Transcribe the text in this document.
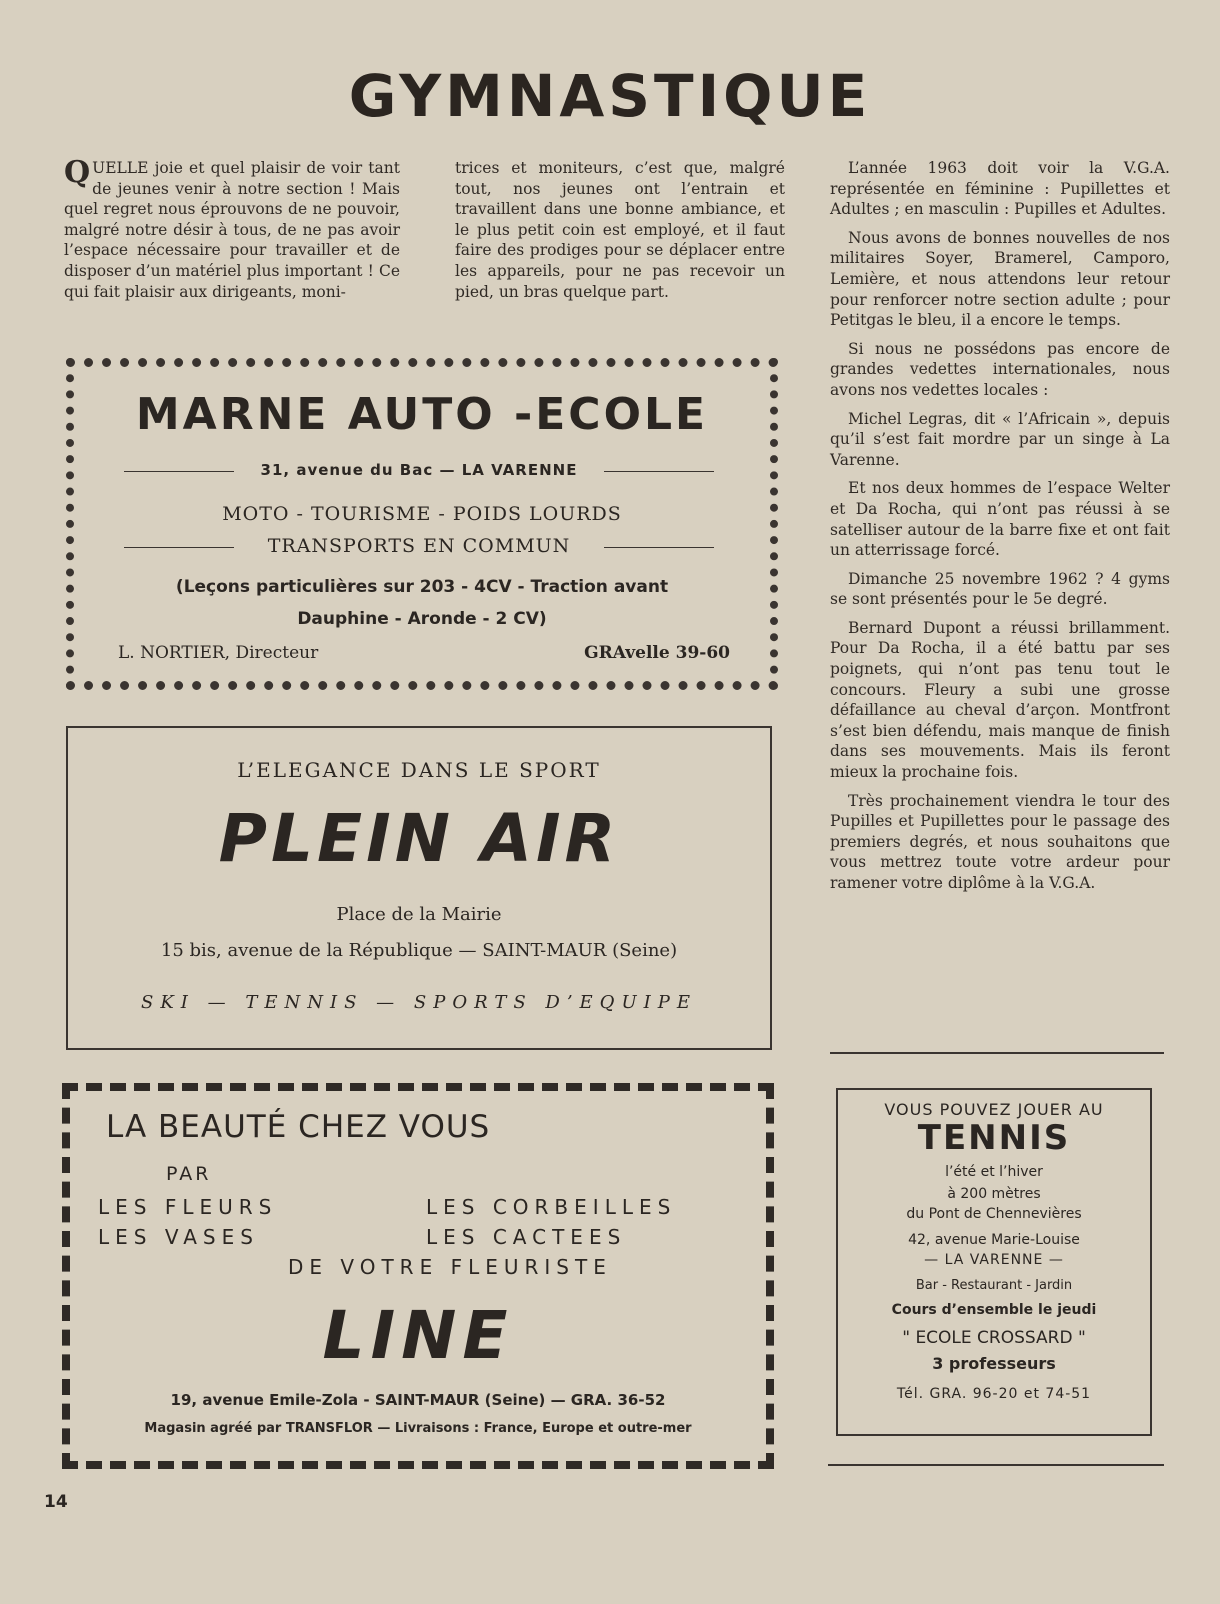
GYMNASTIQUE

QUELLE joie et quel plaisir de voir tant de jeunes venir à notre section ! Mais quel regret nous éprouvons de ne pouvoir, malgré notre désir à tous, de ne pas avoir l’espace nécessaire pour travailler et de disposer d’un matériel plus important ! Ce qui fait plaisir aux dirigeants, moni-

trices et moniteurs, c’est que, malgré tout, nos jeunes ont l’entrain et travaillent dans une bonne ambiance, et le plus petit coin est employé, et il faut faire des prodiges pour se déplacer entre les appareils, pour ne pas recevoir un pied, un bras quelque part.

L’année 1963 doit voir la V.G.A. représentée en féminine : Pupillettes et Adultes ; en masculin : Pupilles et Adultes.

Nous avons de bonnes nouvelles de nos militaires Soyer, Bramerel, Camporo, Lemière, et nous attendons leur retour pour renforcer notre section adulte ; pour Petitgas le bleu, il a encore le temps.

Si nous ne possédons pas encore de grandes vedettes internationales, nous avons nos vedettes locales :

Michel Legras, dit « l’Africain », depuis qu’il s’est fait mordre par un singe à La Varenne.

Et nos deux hommes de l’espace Welter et Da Rocha, qui n’ont pas réussi à se satelliser autour de la barre fixe et ont fait un atterrissage forcé.

Dimanche 25 novembre 1962 ? 4 gyms se sont présentés pour le 5e degré.

Bernard Dupont a réussi brillamment. Pour Da Rocha, il a été battu par ses poignets, qui n’ont pas tenu tout le concours. Fleury a subi une grosse défaillance au cheval d’arçon. Montfront s’est bien défendu, mais manque de finish dans ses mouvements. Mais ils feront mieux la prochaine fois.

Très prochainement viendra le tour des Pupilles et Pupillettes pour le passage des premiers degrés, et nous souhaitons que vous mettrez toute votre ardeur pour ramener votre diplôme à la V.G.A.

MARNE AUTO -ECOLE
31, avenue du Bac — LA VARENNE
MOTO - TOURISME - POIDS LOURDS
TRANSPORTS EN COMMUN
(Leçons particulières sur 203 - 4CV - Traction avant
Dauphine - Aronde - 2 CV)
L. NORTIER, Directeur	GRAvelle 39-60
L’ELEGANCE DANS LE SPORT
PLEIN AIR
Place de la Mairie
15 bis, avenue de la République — SAINT-MAUR (Seine)
SKI — TENNIS — SPORTS D’EQUIPE
LA BEAUTÉ CHEZ VOUS
PAR
LES FLEURS	LES CORBEILLES
LES VASES	LES CACTEES
DE VOTRE FLEURISTE
LINE
19, avenue Emile-Zola - SAINT-MAUR (Seine) — GRA. 36-52
Magasin agréé par TRANSFLOR — Livraisons : France, Europe et outre-mer
VOUS POUVEZ JOUER AU
TENNIS
l’été et l’hiver
à 200 mètres
du Pont de Chennevières
42, avenue Marie-Louise
— LA VARENNE —
Bar - Restaurant - Jardin
Cours d’ensemble le jeudi
" ECOLE CROSSARD "
3 professeurs
Tél. GRA. 96-20 et 74-51
14
